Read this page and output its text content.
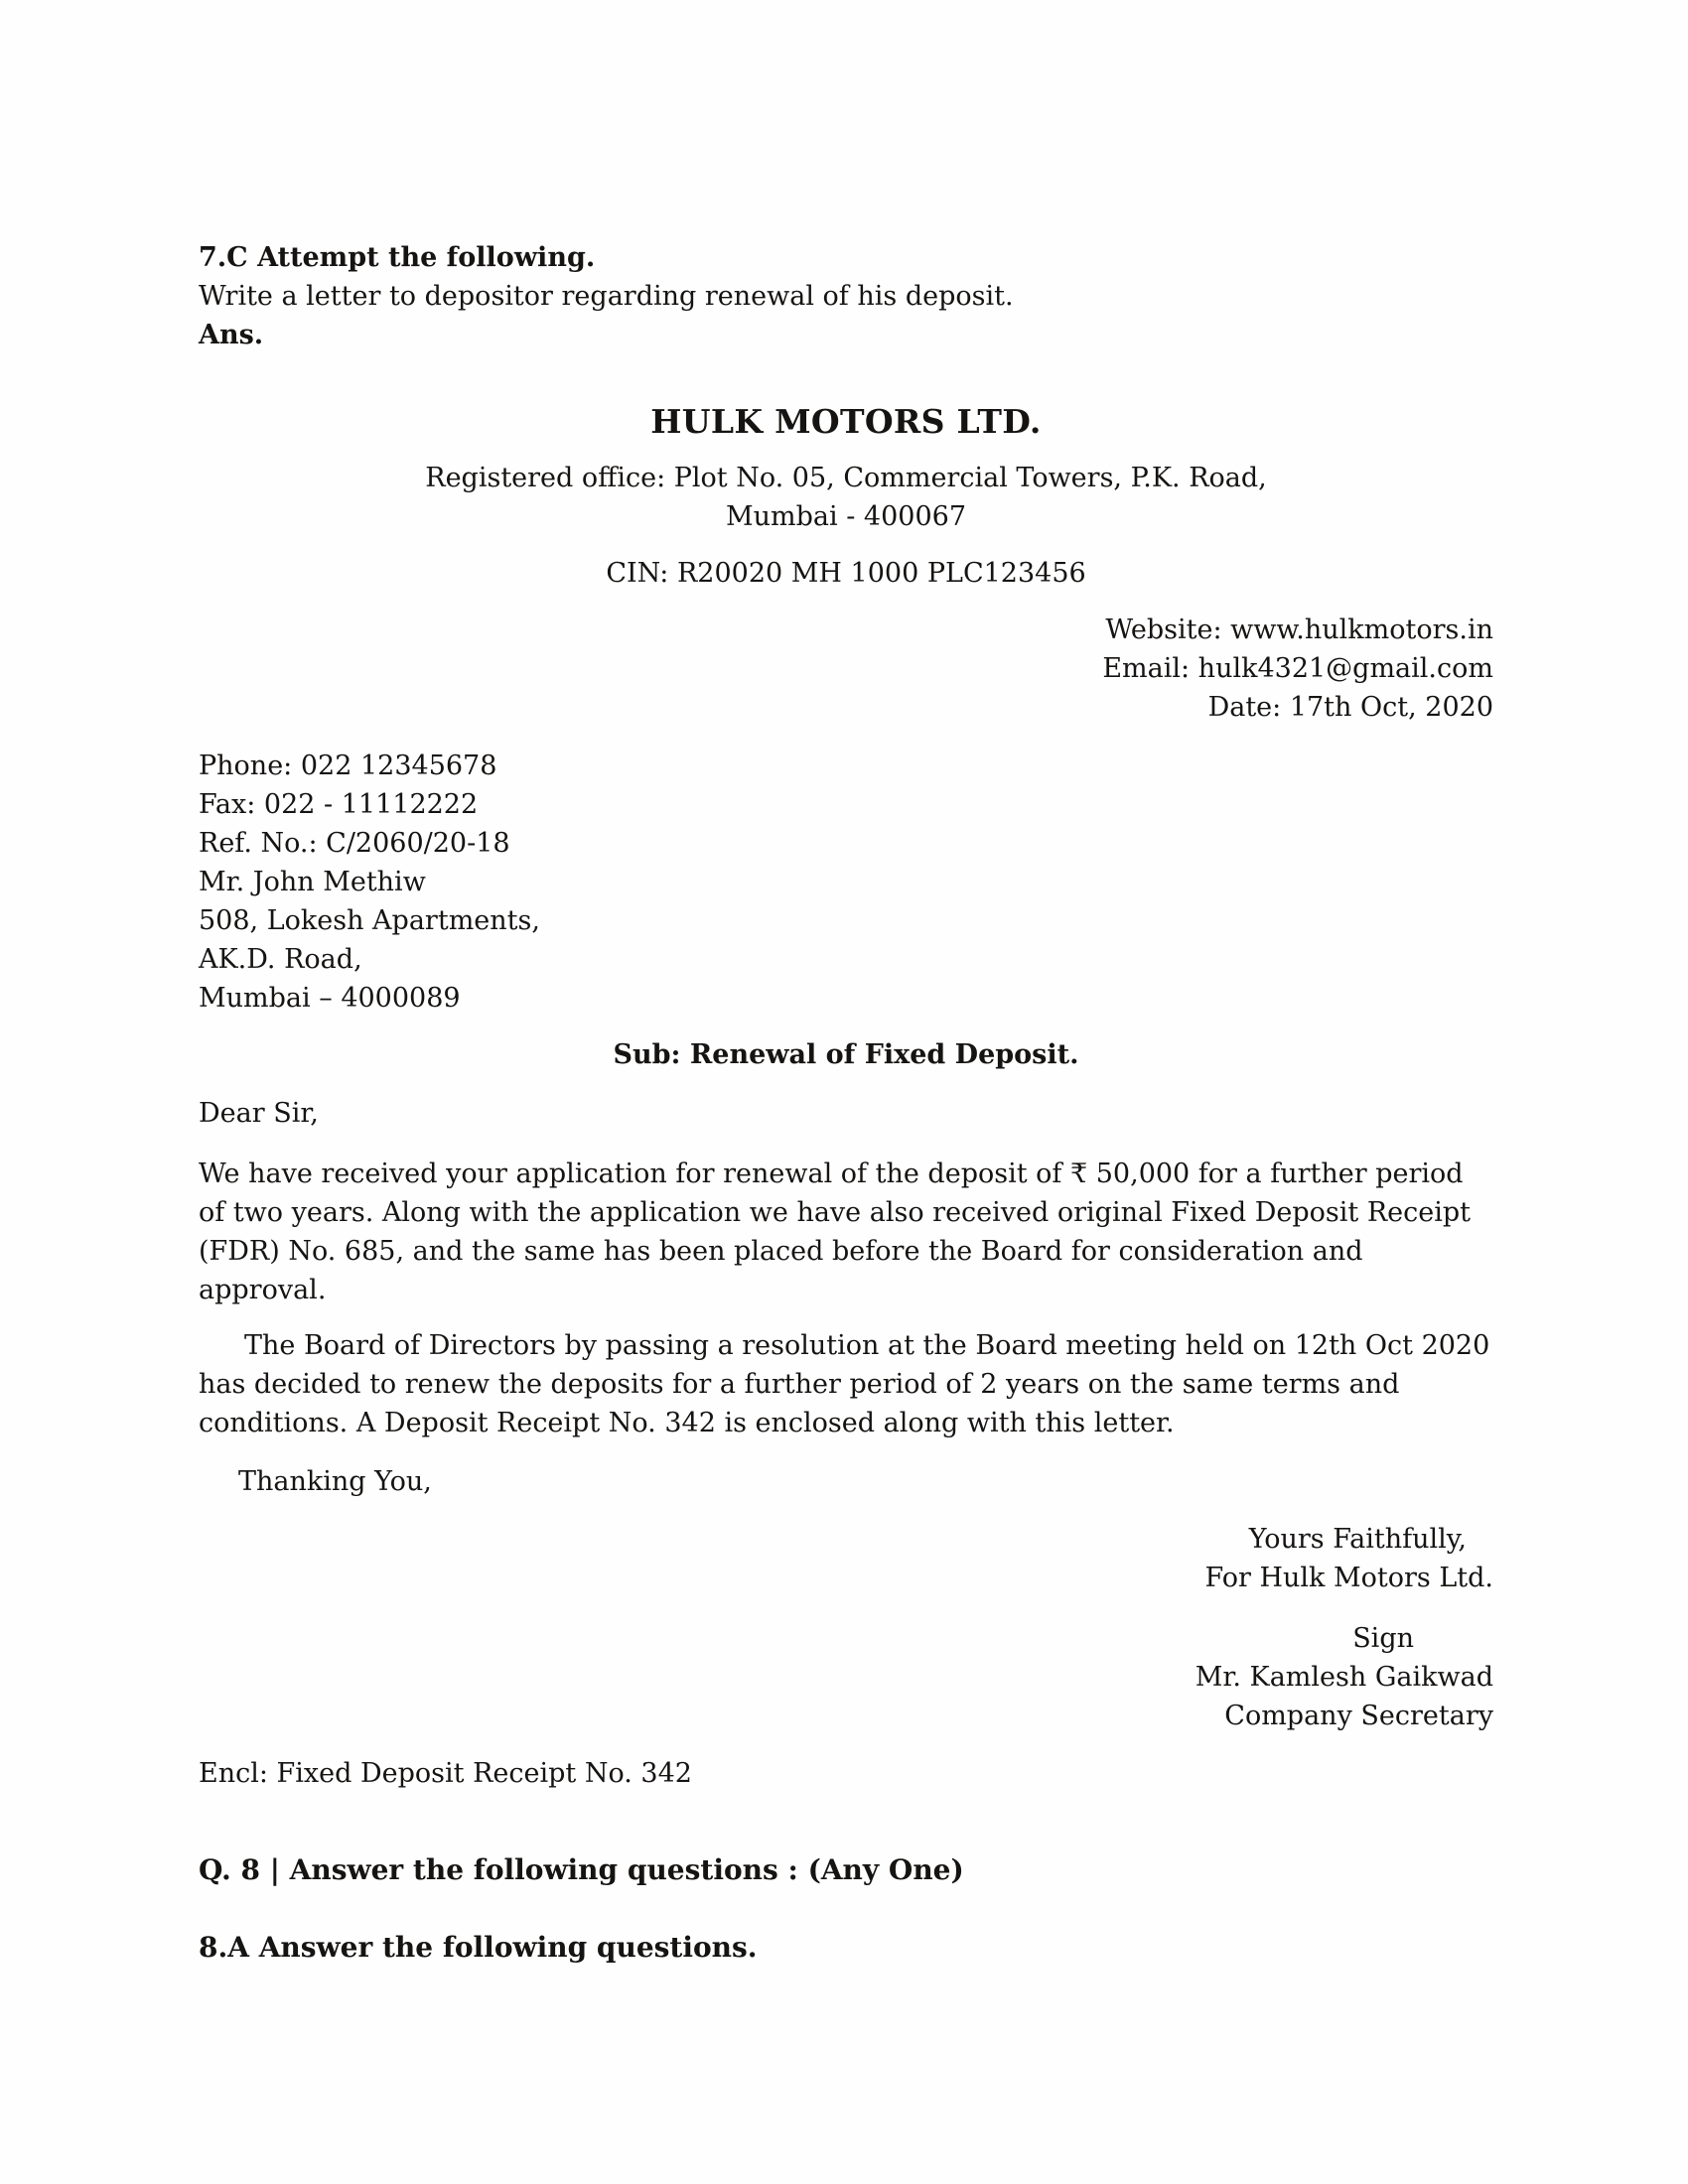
7.C Attempt the following.
Write a letter to depositor regarding renewal of his deposit.
Ans.
HULK MOTORS LTD.
Registered office: Plot No. 05, Commercial Towers, P.K. Road,
Mumbai - 400067
CIN: R20020 MH 1000 PLC123456
Website: www.hulkmotors.in
Email: hulk4321@gmail.com
Date: 17th Oct, 2020
Phone: 022 12345678
Fax: 022 - 11112222
Ref. No.: C/2060/20-18
Mr. John Methiw
508, Lokesh Apartments,
AK.D. Road,
Mumbai – 4000089
Sub: Renewal of Fixed Deposit.
Dear Sir,

We have received your application for renewal of the deposit of ₹ 50,000 for a further period of two years. Along with the application we have also received original Fixed Deposit Receipt (FDR) No. 685, and the same has been placed before the Board for consideration and approval.

The Board of Directors by passing a resolution at the Board meeting held on 12th Oct 2020 has decided to renew the deposits for a further period of 2 years on the same terms and conditions. A Deposit Receipt No. 342 is enclosed along with this letter.

Thanking You,
Yours Faithfully,
For Hulk Motors Ltd.
Sign
Mr. Kamlesh Gaikwad
Company Secretary
Encl: Fixed Deposit Receipt No. 342
Q. 8 | Answer the following questions : (Any One)
8.A Answer the following questions.
